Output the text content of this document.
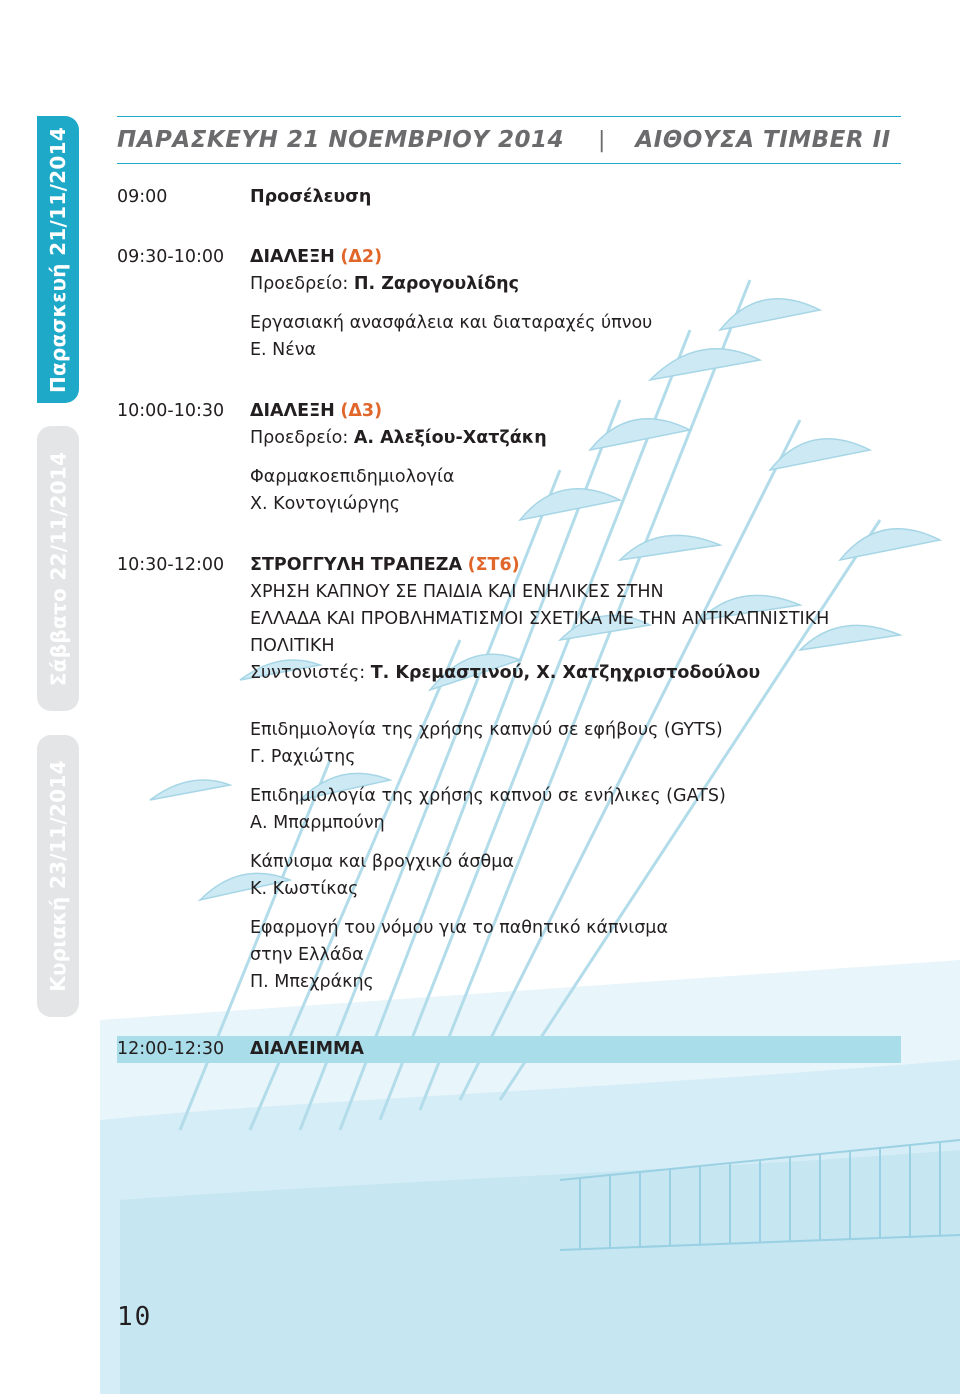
Παρασκευή 21/11/2014
Σάββατο 22/11/2014
Κυριακή 23/11/2014
ΠΑΡΑΣΚΕΥΗ 21 ΝΟΕΜΒΡΙΟΥ 2014 | ΑΙΘΟΥΣΑ TIMBER II
09:00	Προσέλευση
09:30-10:00	ΔΙΑΛΕΞΗ (Δ2)
Προεδρείο: Π. Ζαρογουλίδης
Εργασιακή ανασφάλεια και διαταραχές ύπνου
Ε. Νένα
10:00-10:30	ΔΙΑΛΕΞΗ (Δ3)
Προεδρείο: Α. Αλεξίου-Χατζάκη
Φαρμακοεπιδημιολογία
Χ. Κοντογιώργης
10:30-12:00	ΣΤΡΟΓΓΥΛΗ ΤΡΑΠΕΖΑ (ΣΤ6)
ΧΡΗΣΗ ΚΑΠΝΟΥ ΣΕ ΠΑΙΔΙΑ ΚΑΙ ΕΝΗΛΙΚΕΣ ΣΤΗΝ
ΕΛΛΑΔΑ ΚΑΙ ΠΡΟΒΛΗΜΑΤΙΣΜΟΙ ΣΧΕΤΙΚΑ ΜΕ ΤΗΝ ΑΝΤΙΚΑΠΝΙΣΤΙΚΗ
ΠΟΛΙΤΙΚΗ
Συντονιστές: Τ. Κρεμαστινού, Χ. Χατζηχριστοδούλου
Επιδημιολογία της χρήσης καπνού σε εφήβους (GYTS)
Γ. Ραχιώτης
Επιδημιολογία της χρήσης καπνού σε ενήλικες (GATS)
Α. Μπαρμπούνη
Κάπνισμα και βρογχικό άσθμα
Κ. Κωστίκας
Εφαρμογή του νόμου για το παθητικό κάπνισμα
στην Ελλάδα
Π. Μπεχράκης
12:00-12:30	ΔΙΑΛΕΙΜΜΑ
10
